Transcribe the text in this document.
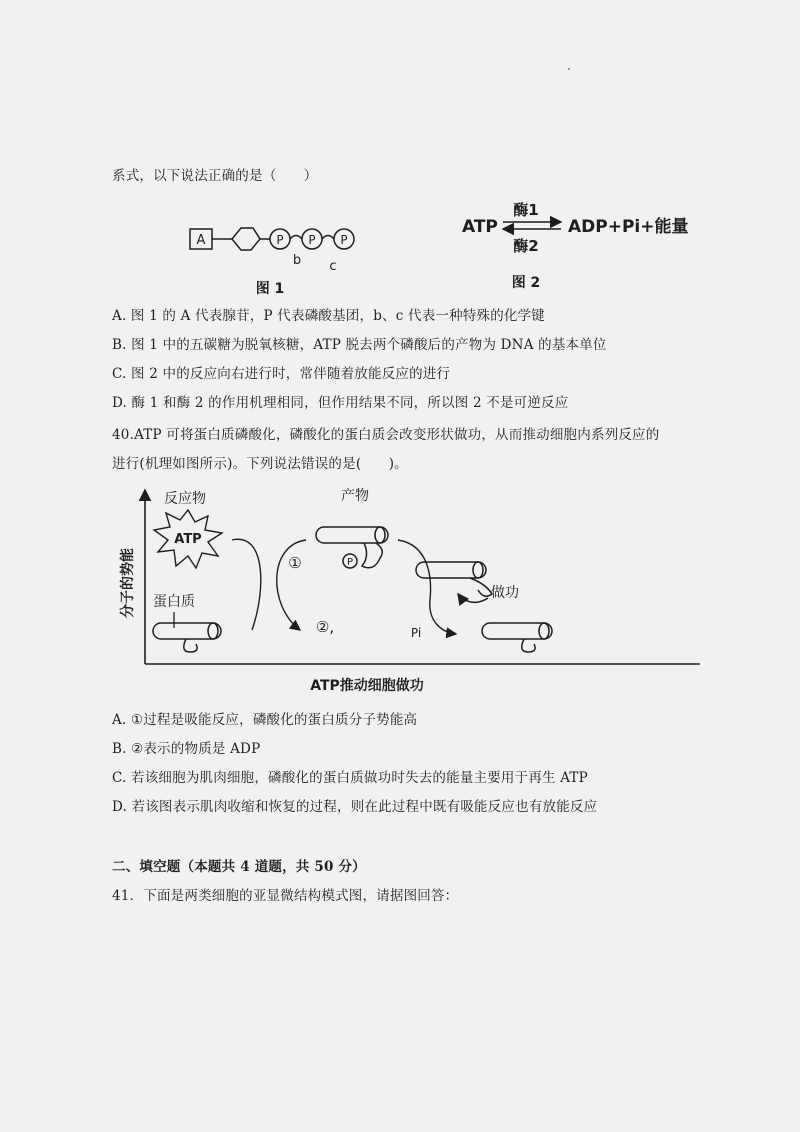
系式，以下说法正确的是（　　）
A	P P P
b c
图 1
ATP
酶1
酶2
ADP+Pi+能量
图 2
分子的势能
反应物
ATP
蛋白质
①
②,
产物
P
做功
Pi
ATP推动细胞做功
A. 图 1 的 A 代表腺苷，P 代表磷酸基团，b、c 代表一种特殊的化学键
B. 图 1 中的五碳糖为脱氧核糖，ATP 脱去两个磷酸后的产物为 DNA 的基本单位
C. 图 2 中的反应向右进行时，常伴随着放能反应的进行
D. 酶 1 和酶 2 的作用机理相同，但作用结果不同，所以图 2 不是可逆反应
40.ATP 可将蛋白质磷酸化，磷酸化的蛋白质会改变形状做功，从而推动细胞内系列反应的
进行(机理如图所示)。下列说法错误的是(　　)。
A. ①过程是吸能反应，磷酸化的蛋白质分子势能高
B. ②表示的物质是 ADP
C. 若该细胞为肌肉细胞，磷酸化的蛋白质做功时失去的能量主要用于再生 ATP
D. 若该图表示肌肉收缩和恢复的过程，则在此过程中既有吸能反应也有放能反应
二、填空题（本题共 4 道题，共 50 分）
41．下面是两类细胞的亚显微结构模式图，请据图回答：
